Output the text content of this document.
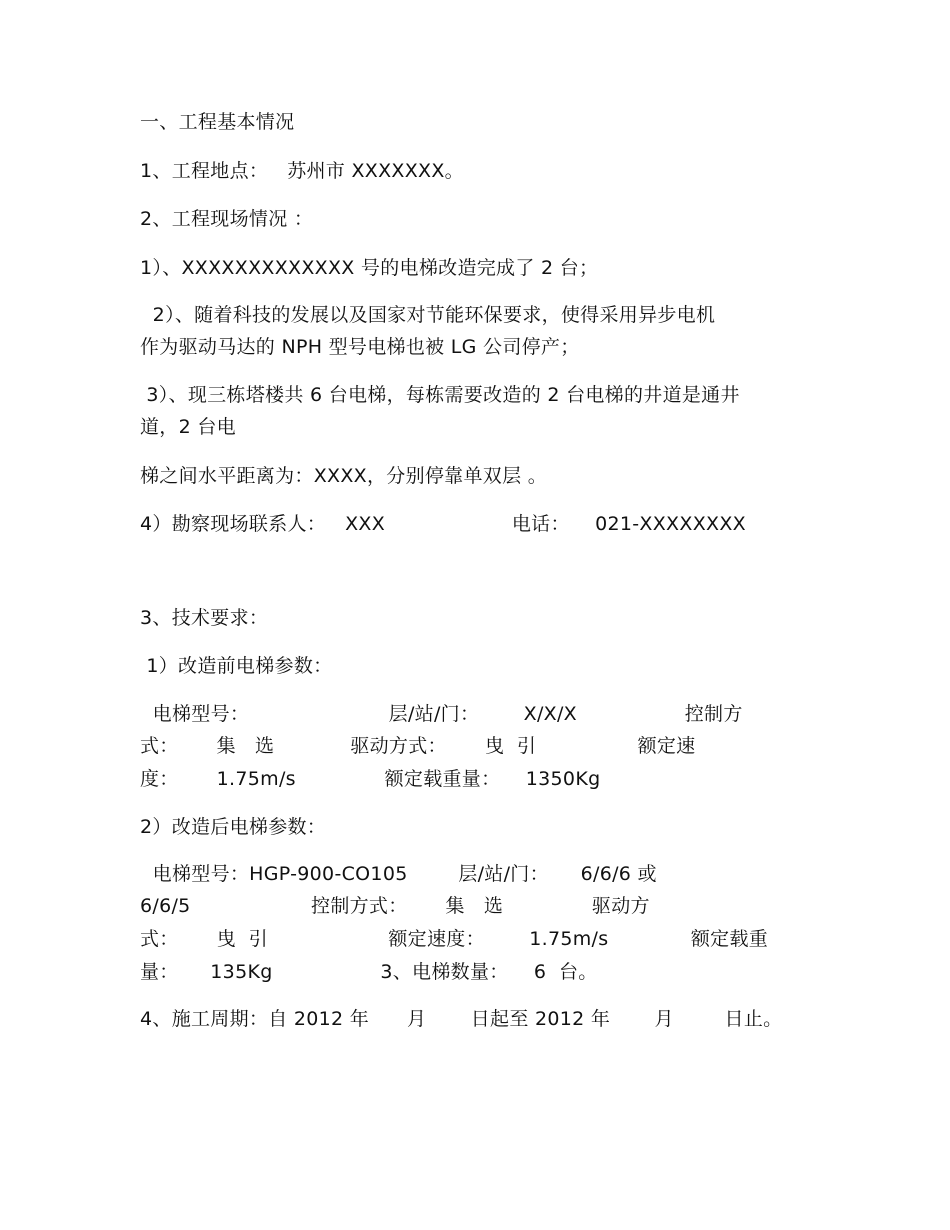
一、工程基本情况
1、工程地点：   苏州市 XXXXXXX。
2、工程现场情况 ：
1）、XXXXXXXXXXXXX 号的电梯改造完成了 2 台；
2）、随着科技的发展以及国家对节能环保要求，使得采用异步电机
作为驱动马达的 NPH 型号电梯也被 LG 公司停产；
3）、现三栋塔楼共 6 台电梯，每栋需要改造的 2 台电梯的井道是通井
道，2 台电
梯之间水平距离为：XXXX，分别停靠单双层 。
4）勘察现场联系人：   XXX                    电话：    021-XXXXXXXX
3、技术要求：
1）改造前电梯参数：
电梯型号：                      层/站/门：       X/X/X                 控制方
式：      集   选            驱动方式：      曳  引                额定速
度：      1.75m/s              额定载重量：    1350Kg
2）改造后电梯参数：
电梯型号：HGP-900-CO105        层/站/门：     6/6/6 或
6/6/5                   控制方式：      集   选              驱动方
式：      曳  引                   额定速度：       1.75m/s             额定载重
量：     135Kg                 3、电梯数量：    6  台。
4、施工周期：自 2012 年      月       日起至 2012 年       月        日止。
